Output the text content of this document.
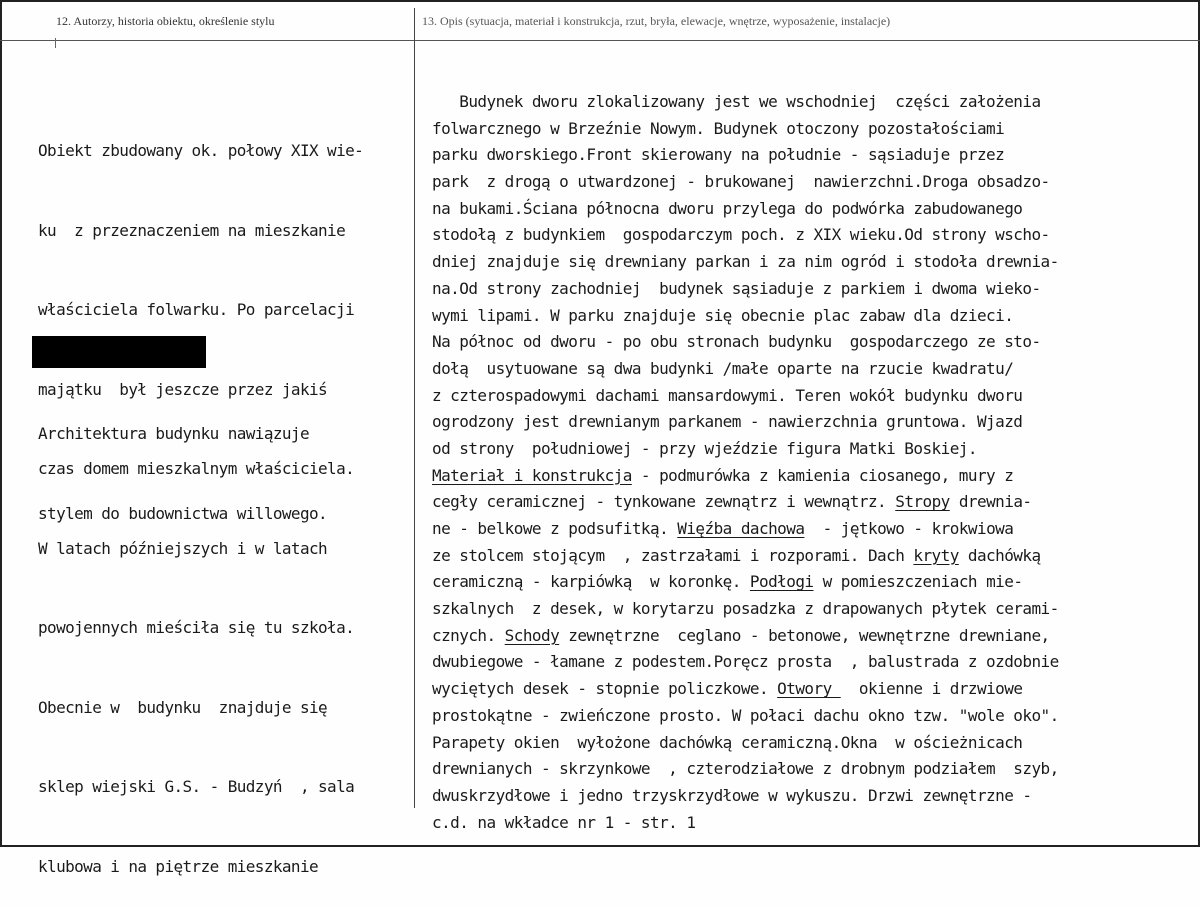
12. Autorzy, historia obiektu, określenie stylu	13. Opis (sytuacja, materiał i konstrukcja, rzut, bryła, elewacje, wnętrze, wyposażenie, instalacje)

Obiekt zbudowany ok. połowy XIX wie-

ku  z przeznaczeniem na mieszkanie

właściciela folwarku. Po parcelacji

majątku  był jeszcze przez jakiś

czas domem mieszkalnym właściciela.

W latach późniejszych i w latach

powojennych mieściła się tu szkoła.

Obecnie w  budynku  znajduje się

sklep wiejski G.S. - Budzyń  , sala

klubowa i na piętrze mieszkanie

Architektura budynku nawiązuje

stylem do budownictwa willowego.

Budynek dworu zlokalizowany jest we wschodniej  części założenia
folwarcznego w Brzeźnie Nowym. Budynek otoczony pozostałościami
parku dworskiego.Front skierowany na południe - sąsiaduje przez
park  z drogą o utwardzonej - brukowanej  nawierzchni.Droga obsadzo-
na bukami.Ściana północna dworu przylega do podwórka zabudowanego
stodołą z budynkiem  gospodarczym poch. z XIX wieku.Od strony wscho-
dniej znajduje się drewniany parkan i za nim ogród i stodoła drewnia-
na.Od strony zachodniej  budynek sąsiaduje z parkiem i dwoma wieko-
wymi lipami. W parku znajduje się obecnie plac zabaw dla dzieci.
Na północ od dworu - po obu stronach budynku  gospodarczego ze sto-
dołą  usytuowane są dwa budynki /małe oparte na rzucie kwadratu/
z czterospadowymi dachami mansardowymi. Teren wokół budynku dworu
ogrodzony jest drewnianym parkanem - nawierzchnia gruntowa. Wjazd
od strony  południowej - przy wjeździe figura Matki Boskiej.
Materiał i konstrukcja - podmurówka z kamienia ciosanego, mury z
cegły ceramicznej - tynkowane zewnątrz i wewnątrz. Stropy drewnia-
ne - belkowe z podsufitką. Więźba dachowa  - jętkowo - krokwiowa
ze stolcem stojącym  , zastrzałami i rozporami. Dach kryty dachówką
ceramiczną - karpiówką  w koronkę. Podłogi w pomieszczeniach mie-
szkalnych  z desek, w korytarzu posadzka z drapowanych płytek cerami-
cznych. Schody zewnętrzne  ceglano - betonowe, wewnętrzne drewniane,
dwubiegowe - łamane z podestem.Poręcz prosta  , balustrada z ozdobnie
wyciętych desek - stopnie policzkowe. Otwory   okienne i drzwiowe
prostokątne - zwieńczone prosto. W połaci dachu okno tzw. "wole oko".
Parapety okien  wyłożone dachówką ceramiczną.Okna  w ościeżnicach
drewnianych - skrzynkowe  , czterodziałowe z drobnym podziałem  szyb,
dwuskrzydłowe i jedno trzyskrzydłowe w wykuszu. Drzwi zewnętrzne -
c.d. na wkładce nr 1 - str. 1
